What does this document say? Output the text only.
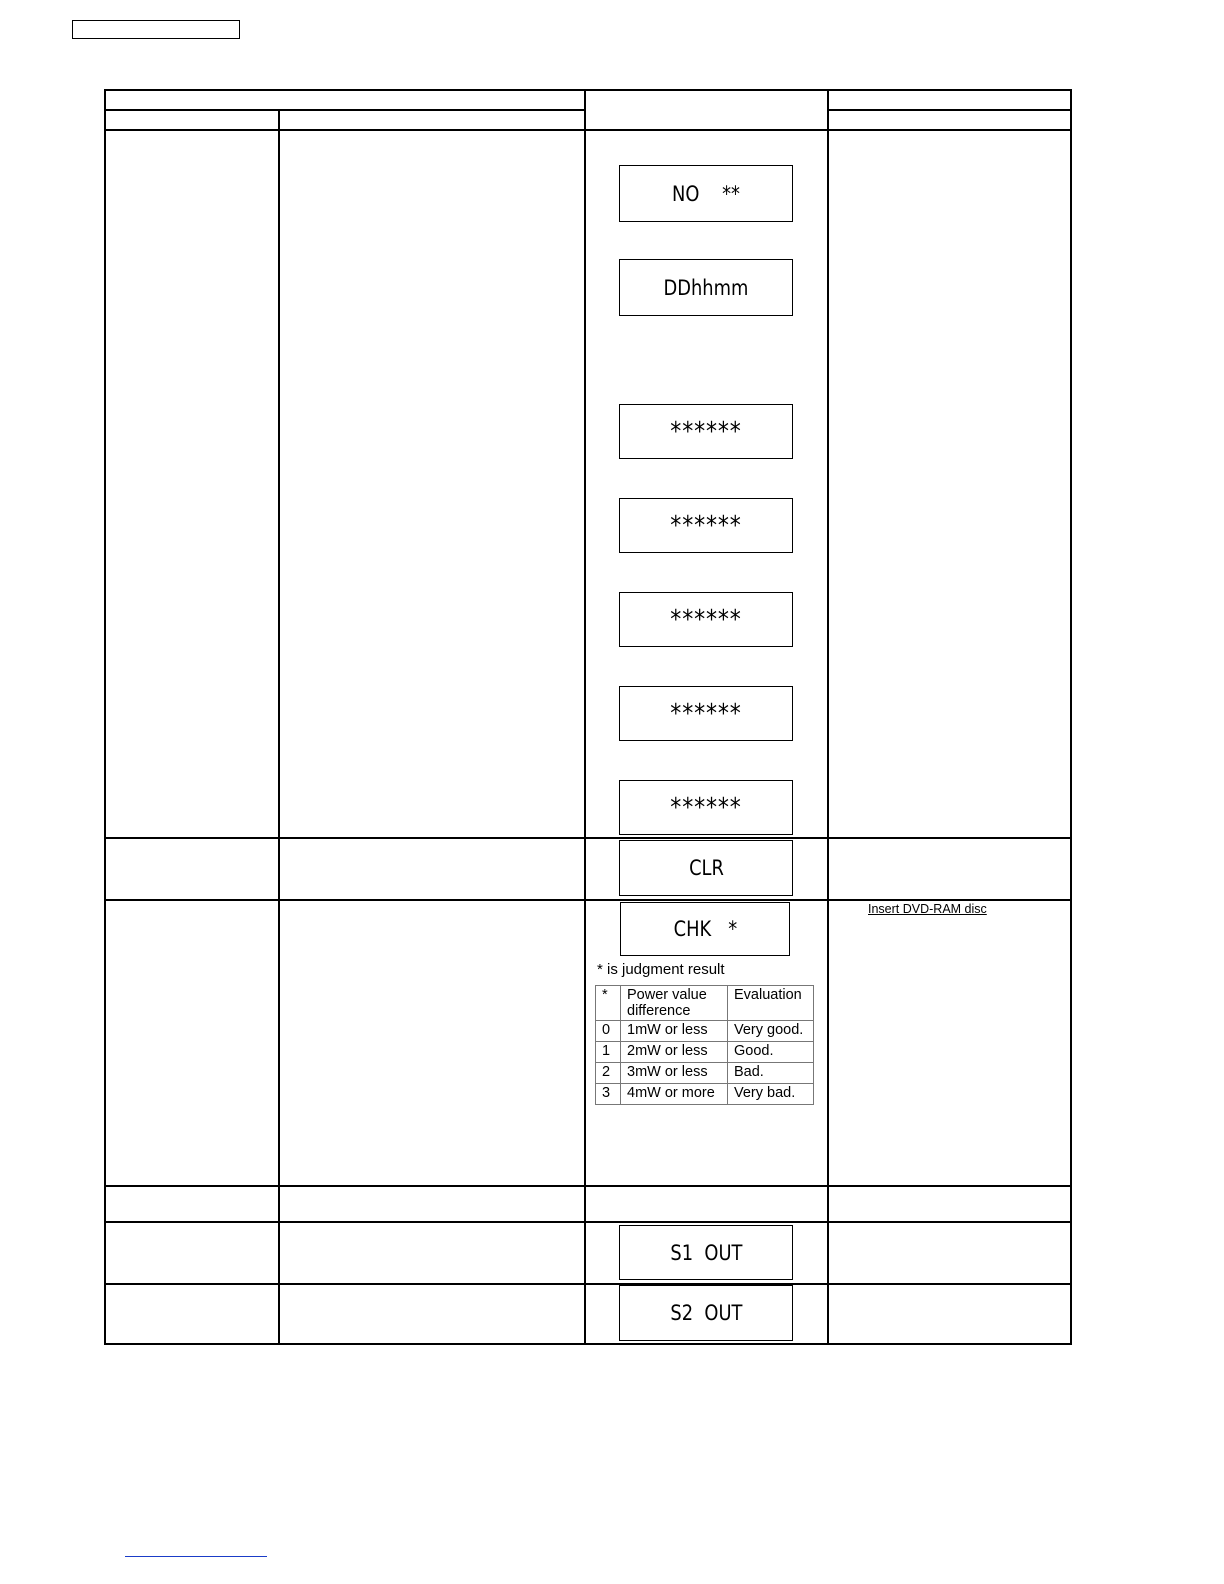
NO    **
DDhhmm
******
******
******
******
******
CLR
CHK   *
* is judgment result
*	Power value difference	Evaluation
0	1mW or less	Very good.
1	2mW or less	Good.
2	3mW or less	Bad.
3	4mW or more	Very bad.
Insert DVD-RAM disc
S1  OUT
S2  OUT
